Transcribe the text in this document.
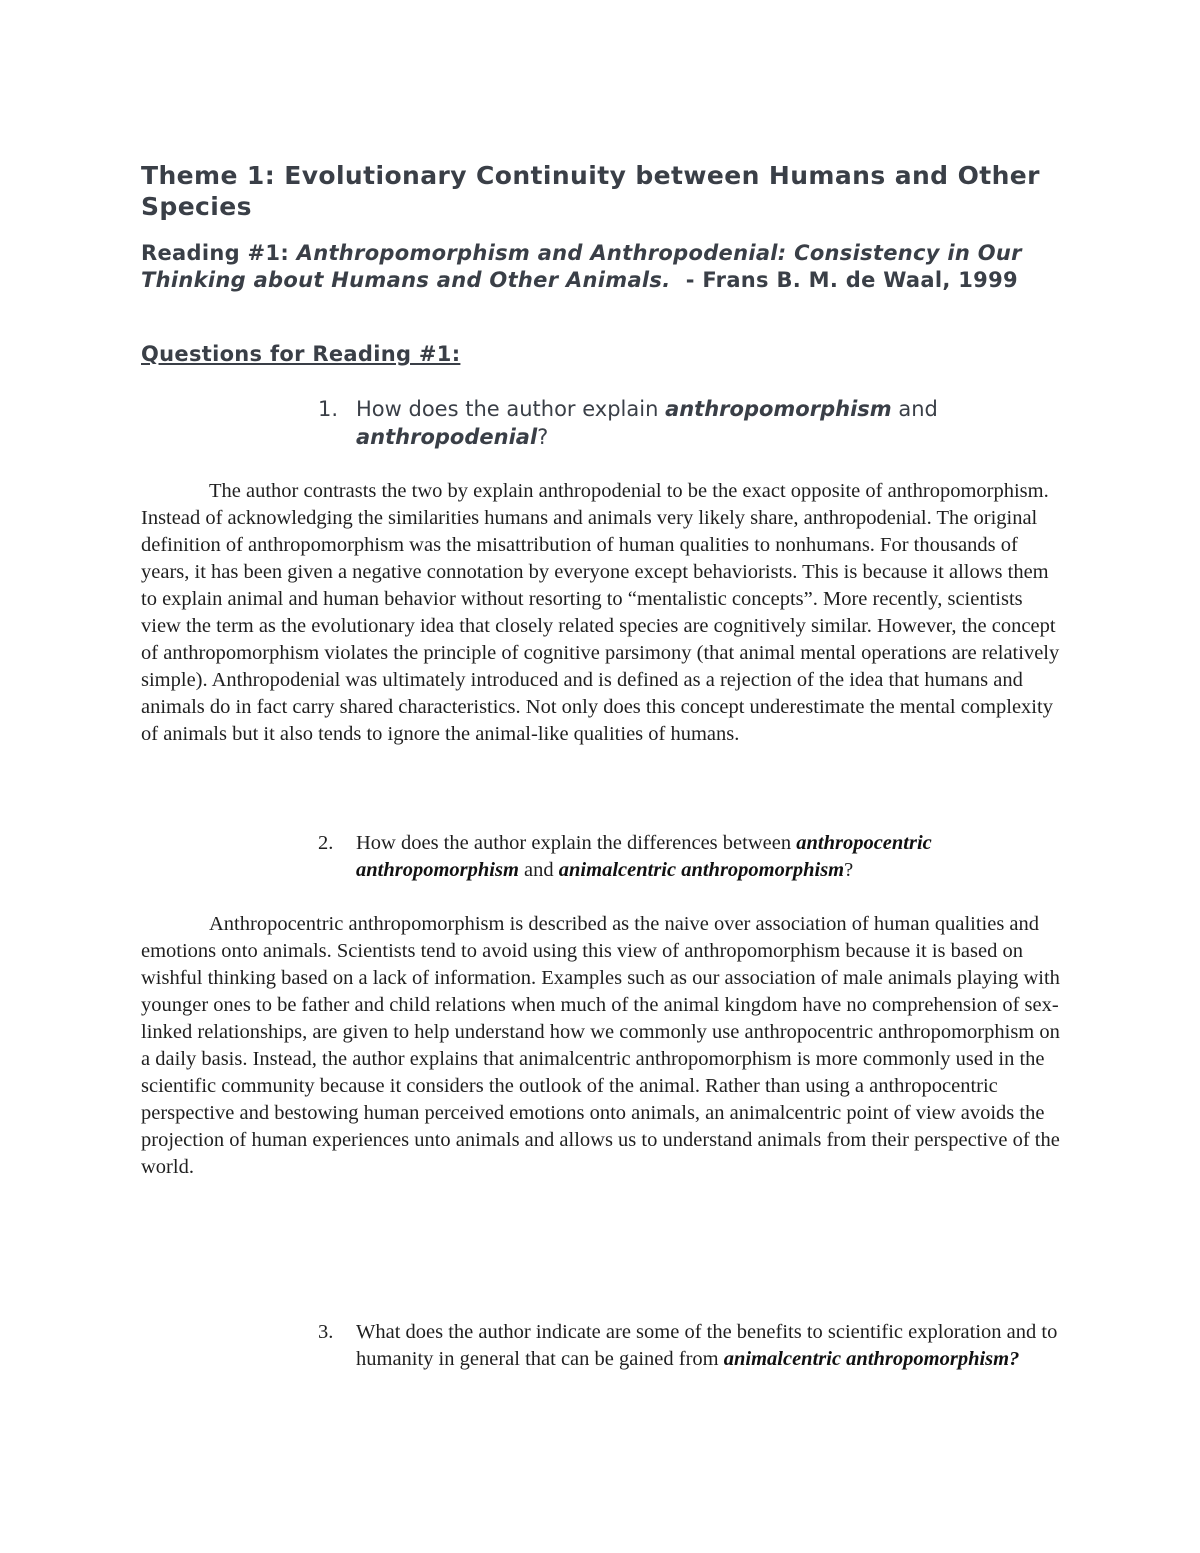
Theme 1: Evolutionary Continuity between Humans and Other Species

Reading #1: Anthropomorphism and Anthropodenial: Consistency in Our Thinking about Humans and Other Animals. - Frans B. M. de Waal, 1999

Questions for Reading #1:
1. How does the author explain anthropomorphism and anthropodenial?

The author contrasts the two by explain anthropodenial to be the exact opposite of anthropomorphism. Instead of acknowledging the similarities humans and animals very likely share, anthropodenial. The original definition of anthropomorphism was the misattribution of human qualities to nonhumans. For thousands of years, it has been given a negative connotation by everyone except behaviorists. This is because it allows them to explain animal and human behavior without resorting to “mentalistic concepts”. More recently, scientists view the term as the evolutionary idea that closely related species are cognitively similar. However, the concept of anthropomorphism violates the principle of cognitive parsimony (that animal mental operations are relatively simple). Anthropodenial was ultimately introduced and is defined as a rejection of the idea that humans and animals do in fact carry shared characteristics. Not only does this concept underestimate the mental complexity of animals but it also tends to ignore the animal-like qualities of humans.

2. How does the author explain the differences between anthropocentric anthropomorphism and animalcentric anthropomorphism?

Anthropocentric anthropomorphism is described as the naive over association of human qualities and emotions onto animals. Scientists tend to avoid using this view of anthropomorphism because it is based on wishful thinking based on a lack of information. Examples such as our association of male animals playing with younger ones to be father and child relations when much of the animal kingdom have no comprehension of sex-linked relationships, are given to help understand how we commonly use anthropocentric anthropomorphism on a daily basis. Instead, the author explains that animalcentric anthropomorphism is more commonly used in the scientific community because it considers the outlook of the animal. Rather than using a anthropocentric perspective and bestowing human perceived emotions onto animals, an animalcentric point of view avoids the projection of human experiences unto animals and allows us to understand animals from their perspective of the world.

3. What does the author indicate are some of the benefits to scientific exploration and to humanity in general that can be gained from animalcentric anthropomorphism?
